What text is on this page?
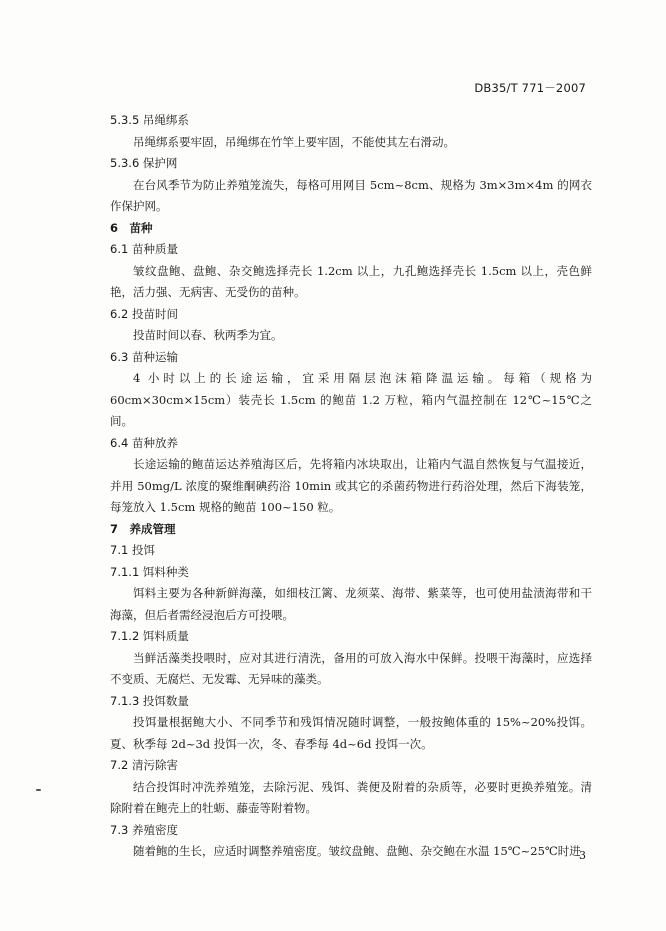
DB35/T 771－2007
5.3.5 吊绳绑系
吊绳绑系要牢固，吊绳绑在竹竿上要牢固，不能使其左右滑动。
5.3.6 保护网
在台风季节为防止养殖笼流失，每格可用网目 5cm~8cm、规格为 3m×3m×4m 的网衣作保护网。
6　苗种
6.1 苗种质量
皱纹盘鲍、盘鲍、杂交鲍选择壳长 1.2cm 以上，九孔鲍选择壳长 1.5cm 以上，壳色鲜艳，活力强、无病害、无受伤的苗种。
6.2 投苗时间
投苗时间以春、秋两季为宜。
6.3 苗种运输
4 小时以上的长途运输，宜采用隔层泡沫箱降温运输。每箱（规格为 60cm×30cm×15cm）装壳长 1.5cm 的鲍苗 1.2 万粒，箱内气温控制在 12℃~15℃之间。
6.4 苗种放养
长途运输的鲍苗运达养殖海区后，先将箱内冰块取出，让箱内气温自然恢复与气温接近，并用 50mg/L 浓度的聚维酮碘药浴 10min 或其它的杀菌药物进行药浴处理，然后下海装笼，每笼放入 1.5cm 规格的鲍苗 100~150 粒。
7　养成管理
7.1 投饵
7.1.1 饵料种类
饵料主要为各种新鲜海藻，如细枝江篱、龙须菜、海带、紫菜等，也可使用盐渍海带和干海藻，但后者需经浸泡后方可投喂。
7.1.2 饵料质量
当鲜活藻类投喂时，应对其进行清洗，备用的可放入海水中保鲜。投喂干海藻时，应选择不变质、无腐烂、无发霉、无异味的藻类。
7.1.3 投饵数量
投饵量根据鲍大小、不同季节和残饵情况随时调整，一般按鲍体重的 15%~20%投饵。夏、秋季每 2d~3d 投饵一次，冬、春季每 4d~6d 投饵一次。
7.2 清污除害
结合投饵时冲洗养殖笼，去除污泥、残饵、粪便及附着的杂质等，必要时更换养殖笼。清除附着在鲍壳上的牡蛎、藤壶等附着物。
7.3 养殖密度
随着鲍的生长，应适时调整养殖密度。皱纹盘鲍、盘鲍、杂交鲍在水温 15℃~25℃时进
3
